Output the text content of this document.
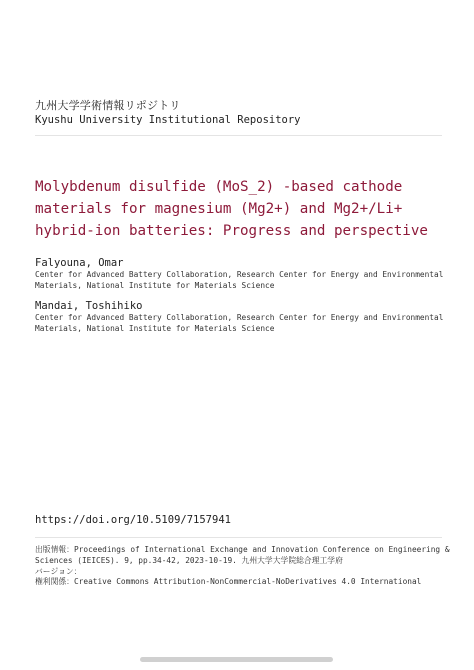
九州大学学術情報リポジトリ
Kyushu University Institutional Repository
Molybdenum disulfide (MoS_2) -based cathode
materials for magnesium (Mg2+) and Mg2+/Li+
hybrid-ion batteries: Progress and perspective
Falyouna, Omar
Center for Advanced Battery Collaboration, Research Center for Energy and Environmental
Materials, National Institute for Materials Science
Mandai, Toshihiko
Center for Advanced Battery Collaboration, Research Center for Energy and Environmental
Materials, National Institute for Materials Science
https://doi.org/10.5109/7157941
出版情報：Proceedings of International Exchange and Innovation Conference on Engineering &
Sciences (IEICES). 9, pp.34-42, 2023-10-19. 九州大学大学院総合理工学府
バージョン：
権利関係：Creative Commons Attribution-NonCommercial-NoDerivatives 4.0 International
